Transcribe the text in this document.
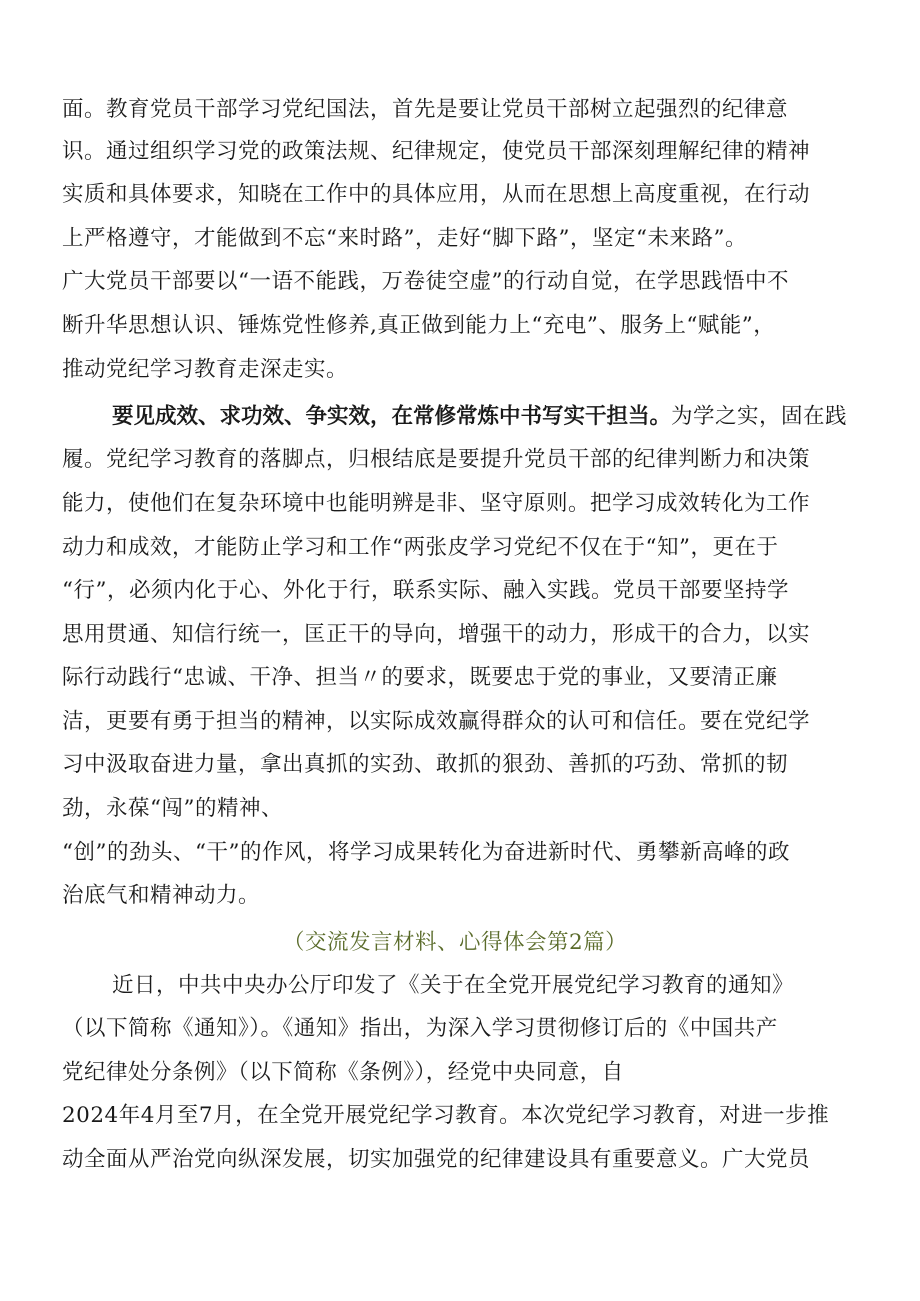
面。教育党员干部学习党纪国法，首先是要让党员干部树立起强烈的纪律意
识。通过组织学习党的政策法规、纪律规定，使党员干部深刻理解纪律的精神
实质和具体要求，知晓在工作中的具体应用，从而在思想上高度重视，在行动
上严格遵守，才能做到不忘“来时路”，走好“脚下路”，坚定“未来路”。
广大党员干部要以“一语不能践，万卷徒空虚”的行动自觉，在学思践悟中不
断升华思想认识、锤炼党性修养,真正做到能力上“充电”、服务上“赋能”，
推动党纪学习教育走深走实。
要见成效、求功效、争实效，在常修常炼中书写实干担当。为学之实，固在践
履。党纪学习教育的落脚点，归根结底是要提升党员干部的纪律判断力和决策
能力，使他们在复杂环境中也能明辨是非、坚守原则。把学习成效转化为工作
动力和成效，才能防止学习和工作“两张皮学习党纪不仅在于“知”，更在于
“行”，必须内化于心、外化于行，联系实际、融入实践。党员干部要坚持学
思用贯通、知信行统一，匡正干的导向，增强干的动力，形成干的合力，以实
际行动践行“忠诚、干净、担当〃的要求，既要忠于党的事业，又要清正廉
洁，更要有勇于担当的精神，以实际成效赢得群众的认可和信任。要在党纪学
习中汲取奋进力量，拿出真抓的实劲、敢抓的狠劲、善抓的巧劲、常抓的韧
劲，永葆“闯”的精神、
“创”的劲头、“干”的作风，将学习成果转化为奋进新时代、勇攀新高峰的政
治底气和精神动力。
（交流发言材料、心得体会第2篇）
近日，中共中央办公厅印发了《关于在全党开展党纪学习教育的通知》
（以下简称《通知》）。《通知》指出，为深入学习贯彻修订后的《中国共产
党纪律处分条例》（以下简称《条例》），经党中央同意，自
2024年4月至7月，在全党开展党纪学习教育。本次党纪学习教育，对进一步推
动全面从严治党向纵深发展，切实加强党的纪律建设具有重要意义。广大党员
